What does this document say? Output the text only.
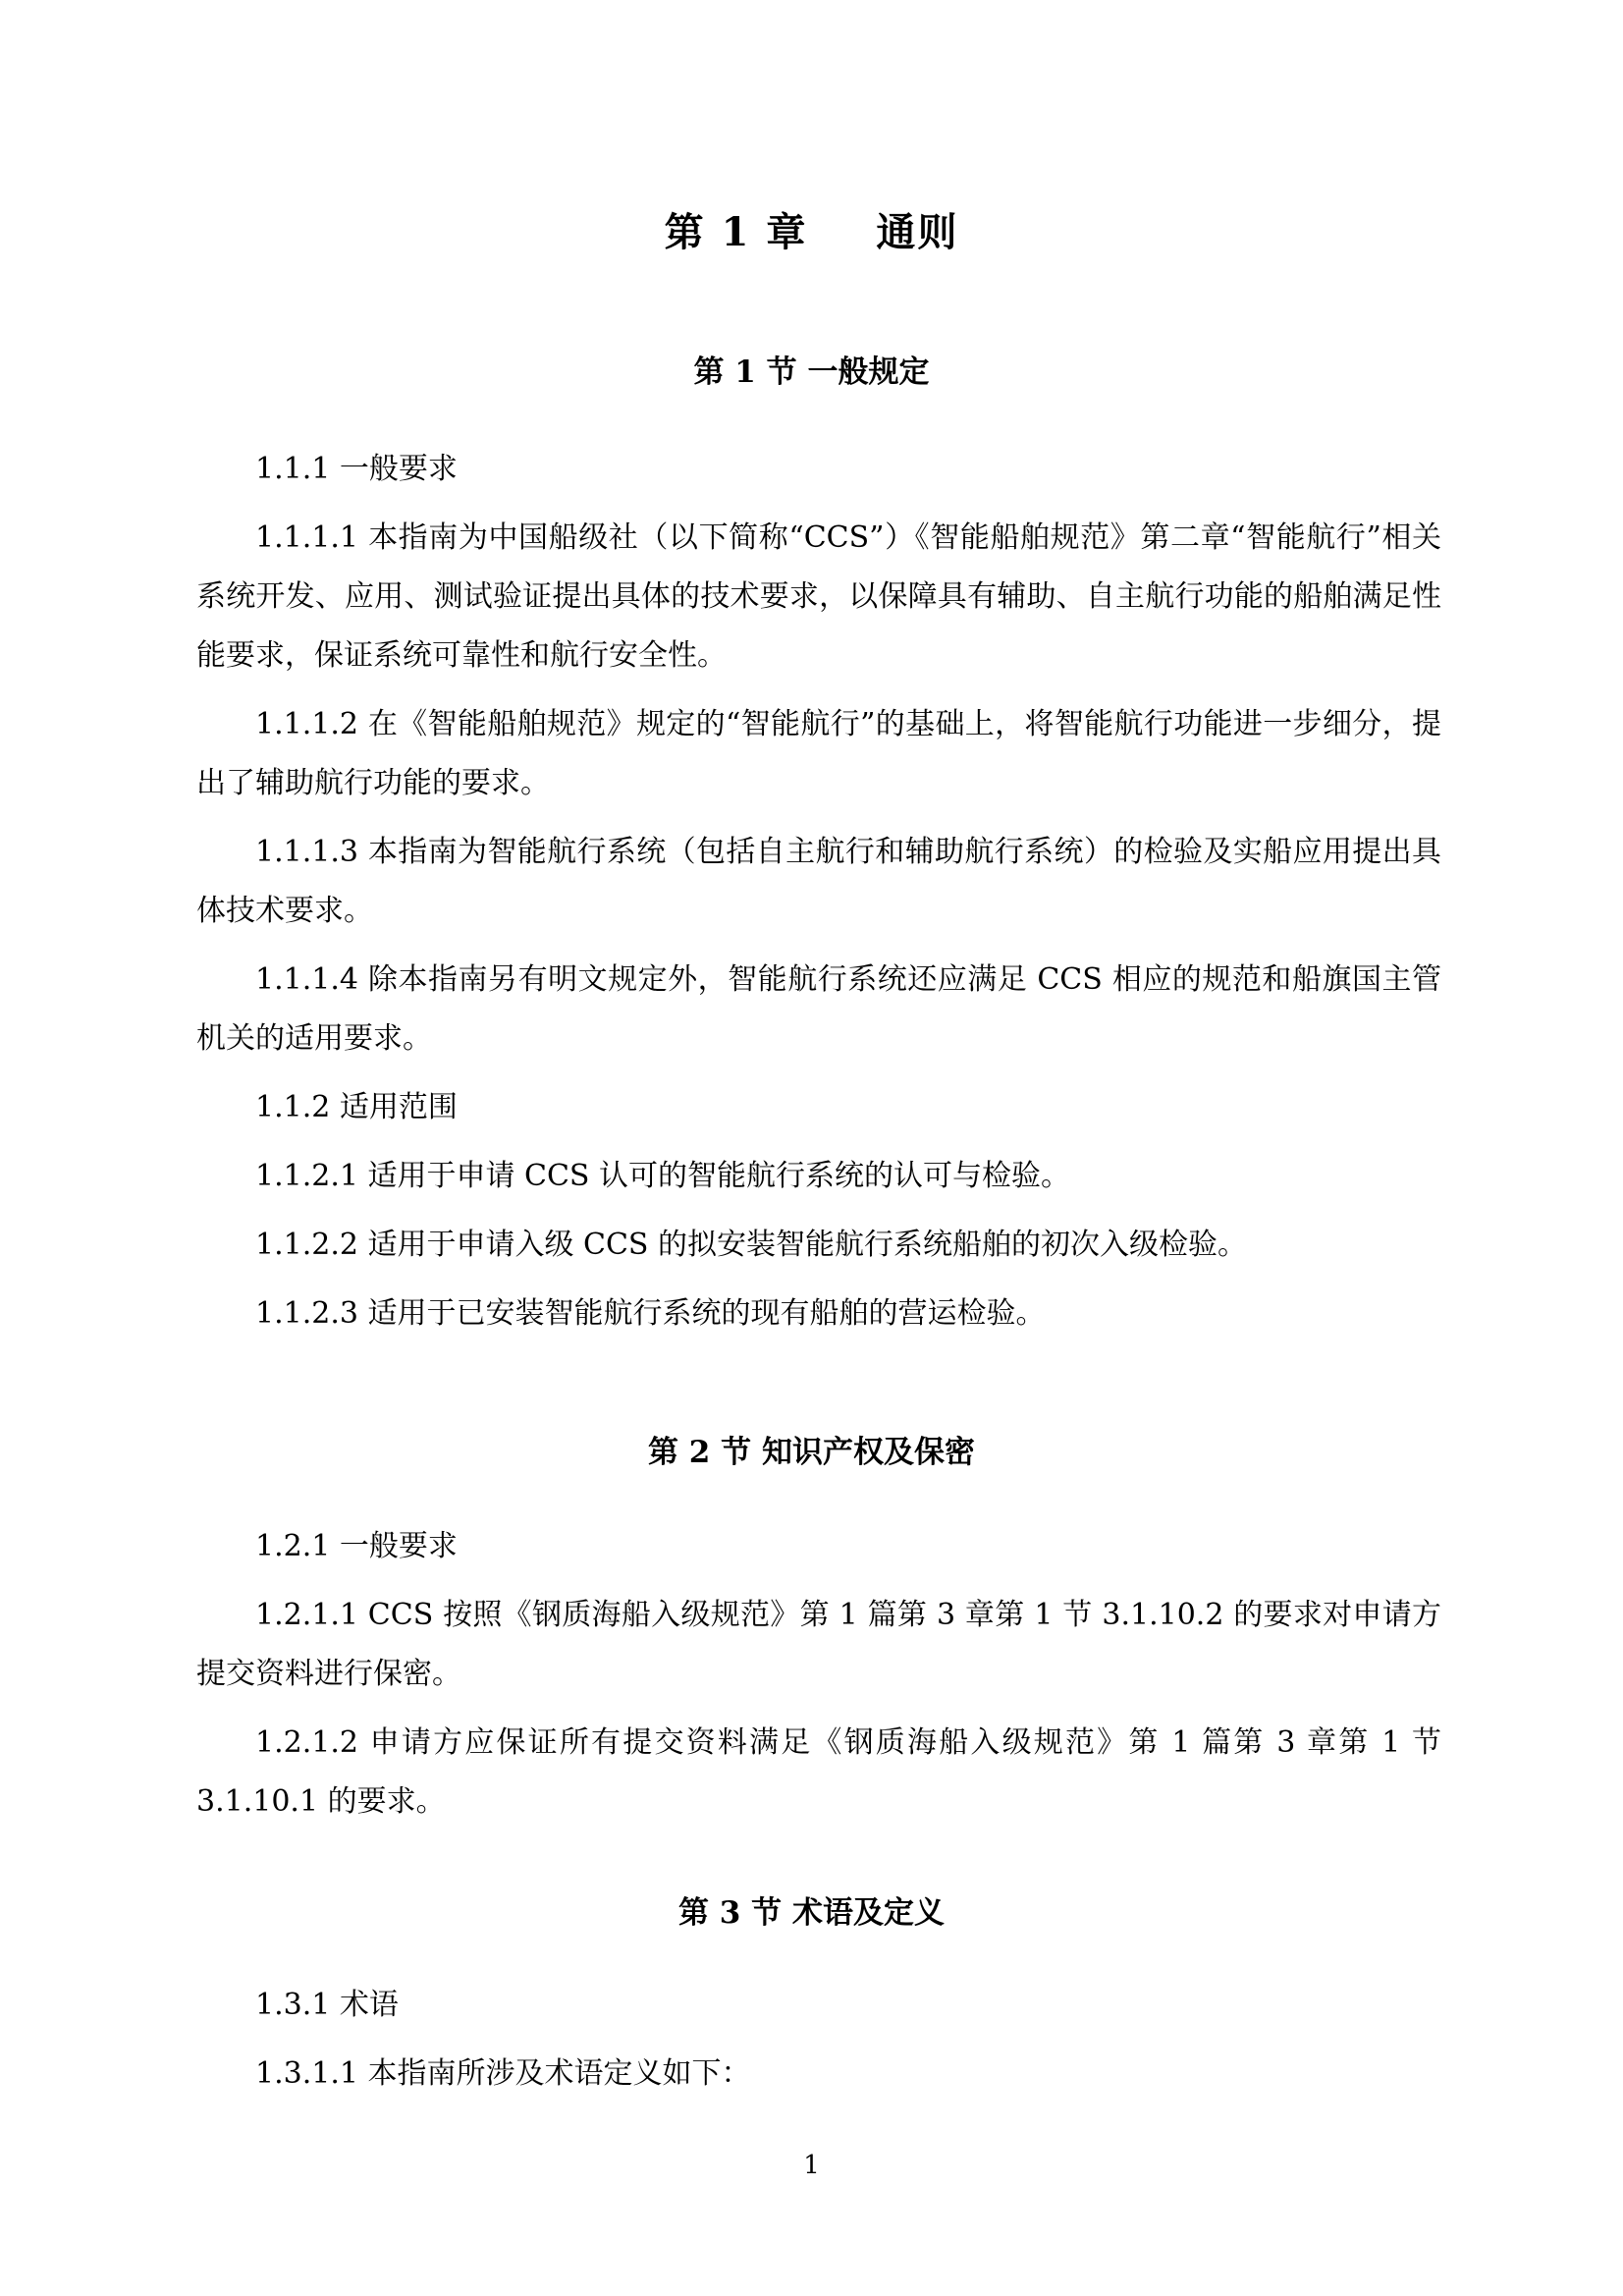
第 1 章 通则
第 1 节 一般规定
1.1.1 一般要求

1.1.1.1 本指南为中国船级社（以下简称“CCS”）《智能船舶规范》第二章“智能航行”相关系统开发、应用、测试验证提出具体的技术要求，以保障具有辅助、自主航行功能的船舶满足性能要求，保证系统可靠性和航行安全性。

1.1.1.2 在《智能船舶规范》规定的“智能航行”的基础上，将智能航行功能进一步细分，提出了辅助航行功能的要求。

1.1.1.3 本指南为智能航行系统（包括自主航行和辅助航行系统）的检验及实船应用提出具体技术要求。

1.1.1.4 除本指南另有明文规定外，智能航行系统还应满足 CCS 相应的规范和船旗国主管机关的适用要求。

1.1.2 适用范围

1.1.2.1 适用于申请 CCS 认可的智能航行系统的认可与检验。

1.1.2.2 适用于申请入级 CCS 的拟安装智能航行系统船舶的初次入级检验。

1.1.2.3 适用于已安装智能航行系统的现有船舶的营运检验。

第 2 节 知识产权及保密
1.2.1 一般要求

1.2.1.1 CCS 按照《钢质海船入级规范》第 1 篇第 3 章第 1 节 3.1.10.2 的要求对申请方提交资料进行保密。

1.2.1.2 申请方应保证所有提交资料满足《钢质海船入级规范》第 1 篇第 3 章第 1 节 3.1.10.1 的要求。

第 3 节 术语及定义
1.3.1 术语

1.3.1.1 本指南所涉及术语定义如下：

1
